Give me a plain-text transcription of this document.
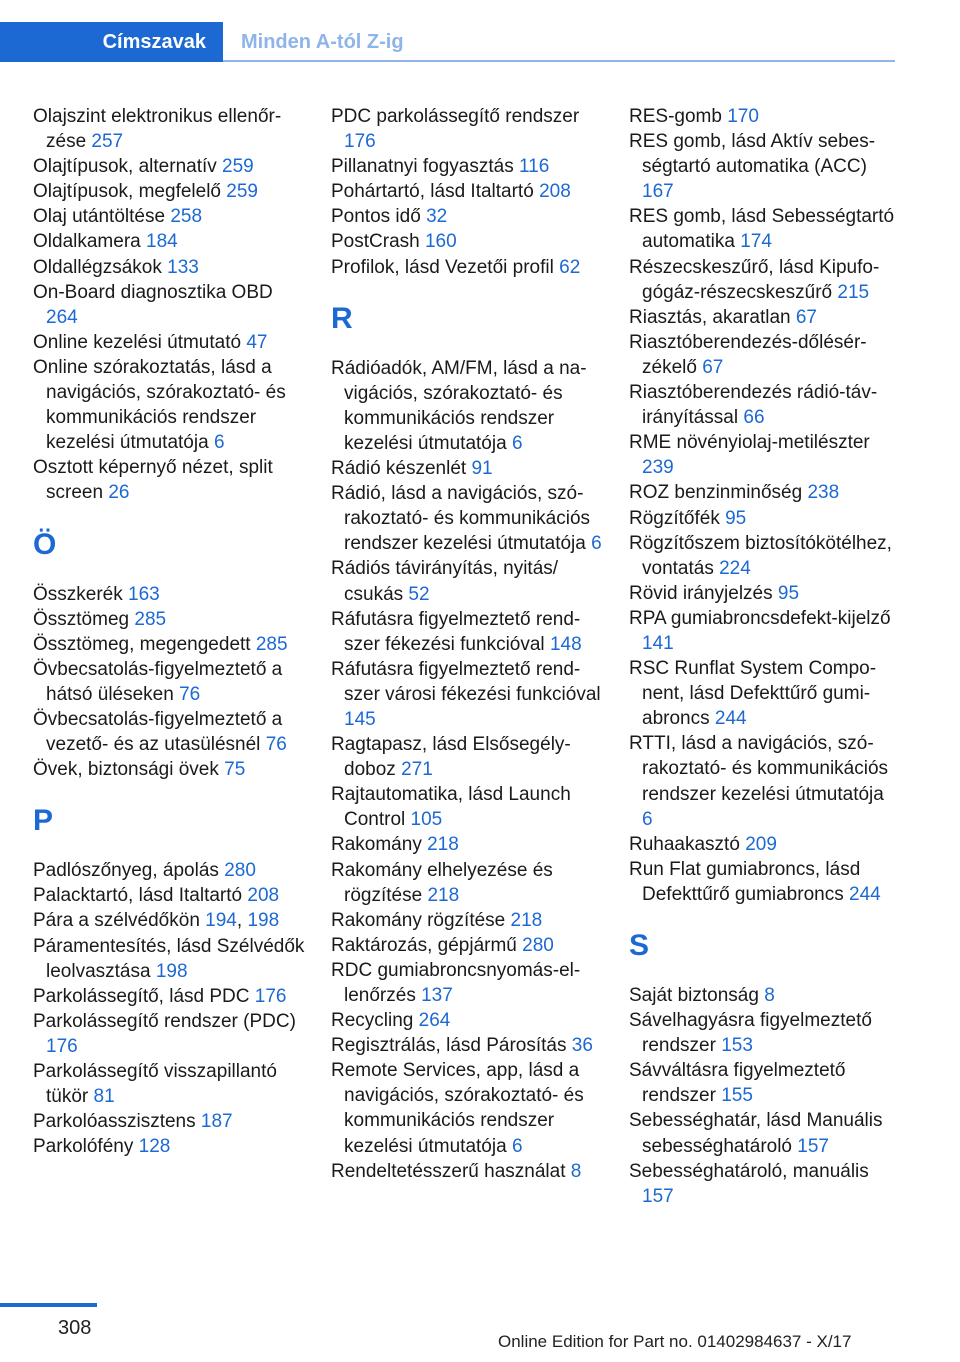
Címszavak Minden A-tól Z-ig
Olajszint elektronikus ellenőrzése 257
Olajtípusok, alternatív 259
Olajtípusok, megfelelő 259
Olaj utántöltése 258
Oldalkamera 184
Oldallégzsákok 133
On-Board diagnosztika OBD 264
Online kezelési útmutató 47
Online szórakoztatás, lásd a navigációs, szórakoztató- és kommunikációs rendszer kezelési útmutatója 6
Osztott képernyő nézet, split screen 26
Ö
Összkerék 163
Össztömeg 285
Össztömeg, megengedett 285
Övbecsatolás-figyelmeztető a hátsó üléseken 76
Övbecsatolás-figyelmeztető a vezető- és az utasülésnél 76
Övek, biztonsági övek 75
P
Padlószőnyeg, ápolás 280
Palacktartó, lásd Italtartó 208
Pára a szélvédőkön 194, 198
Páramentesítés, lásd Szélvédők leolvasztása 198
Parkolássegítő, lásd PDC 176
Parkolássegítő rendszer (PDC) 176
Parkolássegítő visszapillantó tükör 81
Parkolóasszisztens 187
Parkolófény 128
PDC parkolássegítő rendszer 176
Pillanatnyi fogyasztás 116
Pohártartó, lásd Italtartó 208
Pontos idő 32
PostCrash 160
Profilok, lásd Vezetői profil 62
R
Rádióadók, AM/FM, lásd a navigációs, szórakoztató- és kommunikációs rendszer kezelési útmutatója 6
Rádió készenlét 91
Rádió, lásd a navigációs, szórakoztató- és kommunikációs rendszer kezelési útmutatója 6
Rádiós távirányítás, nyitás/ csukás 52
Ráfutásra figyelmeztető rendszer fékezési funkcióval 148
Ráfutásra figyelmeztető rendszer városi fékezési funkcióval 145
Ragtapasz, lásd Elsősegélydoboz 271
Rajtautomatika, lásd Launch Control 105
Rakomány 218
Rakomány elhelyezése és rögzítése 218
Rakomány rögzítése 218
Raktározás, gépjármű 280
RDC gumiabroncsnyomás-ellenőrzés 137
Recycling 264
Regisztrálás, lásd Párosítás 36
Remote Services, app, lásd a navigációs, szórakoztató- és kommunikációs rendszer kezelési útmutatója 6
Rendeltetésszerű használat 8
RES-gomb 170
RES gomb, lásd Aktív sebességtartó automatika (ACC) 167
RES gomb, lásd Sebességtartó automatika 174
Részecskeszűrő, lásd Kipufogógáz-részecskeszűrő 215
Riasztás, akaratlan 67
Riasztóberendezés-dőlésérzékelő 67
Riasztóberendezés rádió-távirányítással 66
RME növényiolaj-metilészter 239
ROZ benzinminőség 238
Rögzítőfék 95
Rögzítőszem biztosítókötélhez, vontatás 224
Rövid irányjelzés 95
RPA gumiabroncsdefekt-kijelző 141
RSC Runflat System Component, lásd Defekttűrő gumiabroncs 244
RTTI, lásd a navigációs, szórakoztató- és kommunikációs rendszer kezelési útmutatója 6
Ruhaakasztó 209
Run Flat gumiabroncs, lásd Defekttűrő gumiabroncs 244
S
Saját biztonság 8
Sávelhagyásra figyelmeztető rendszer 153
Sávváltásra figyelmeztető rendszer 155
Sebességhatár, lásd Manuális sebességhatároló 157
Sebességhatároló, manuális 157
308
Online Edition for Part no. 01402984637 - X/17
